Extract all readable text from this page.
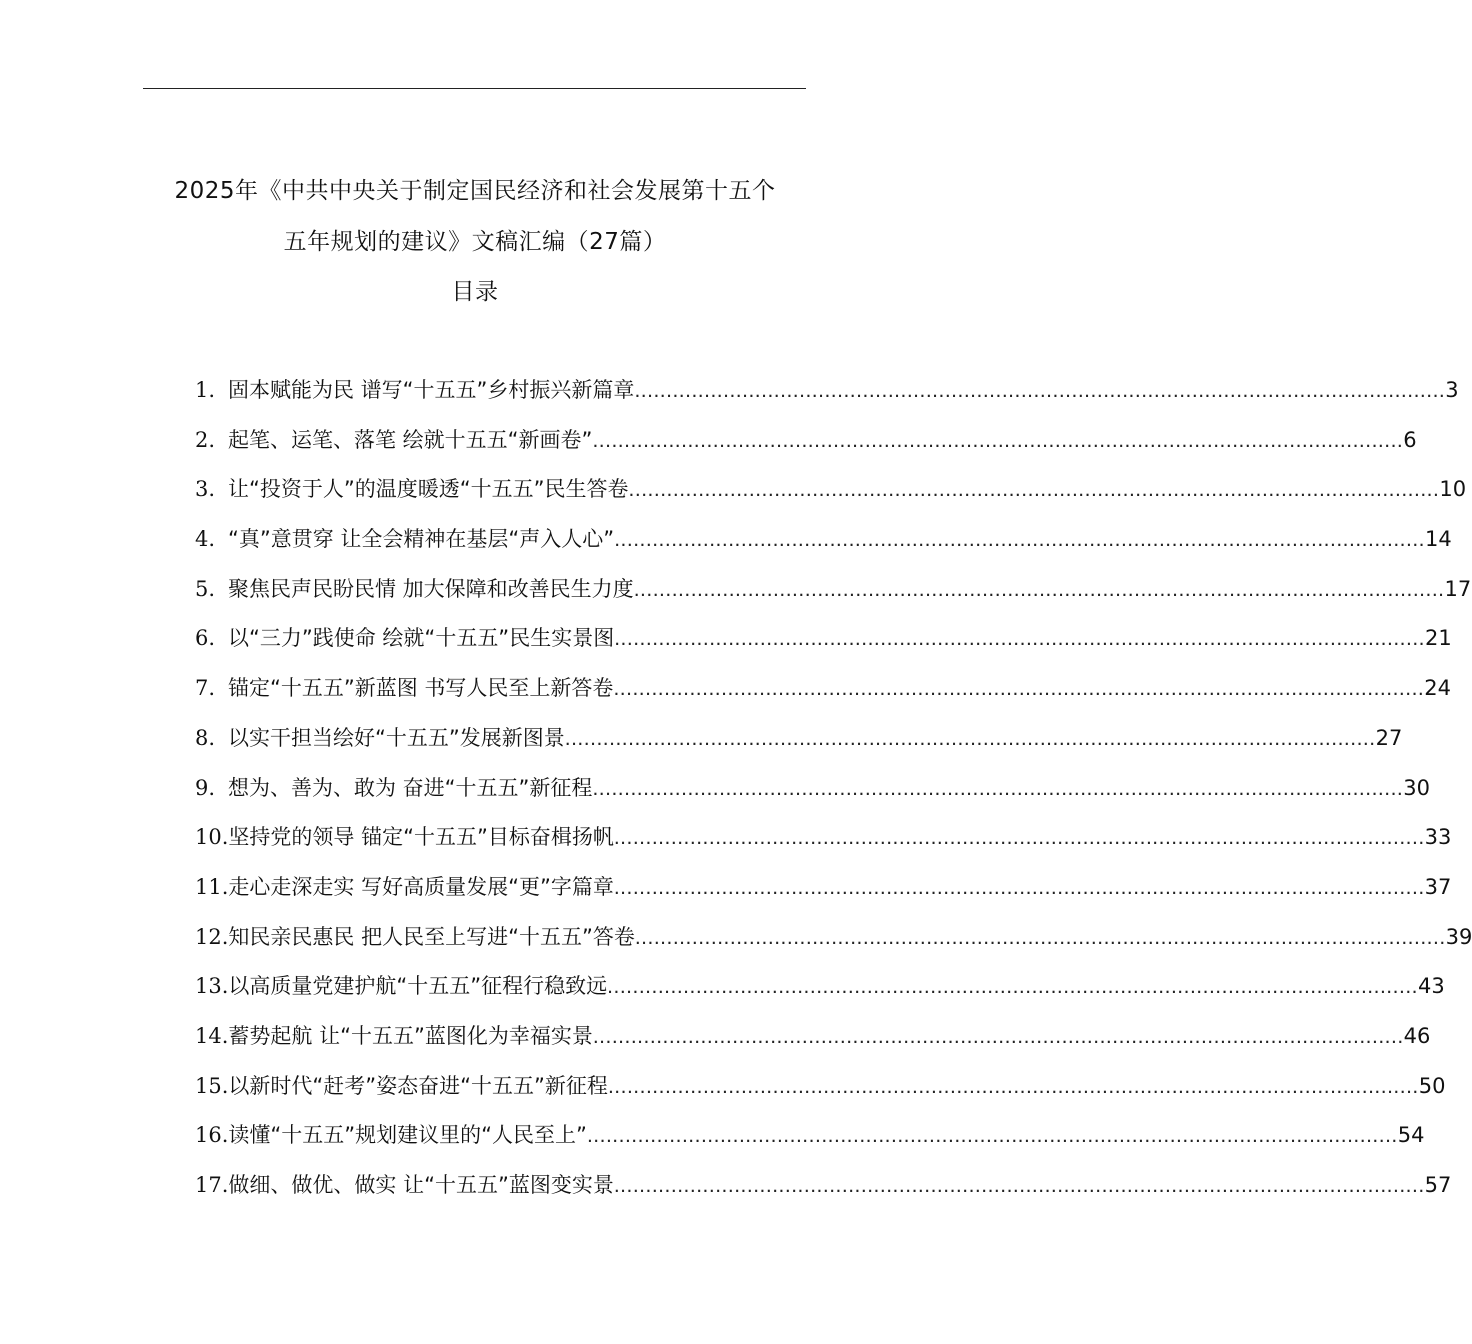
2025年《中共中央关于制定国民经济和社会发展第十五个
五年规划的建议》文稿汇编（27篇）
目录
1. 固本赋能为民 谱写“十五五”乡村振兴新篇章 .....	3
2. 起笔、运笔、落笔 绘就十五五“新画卷” .....	6
3. 让“投资于人”的温度暖透“十五五”民生答卷 .....	10
4. “真”意贯穿 让全会精神在基层“声入人心” .....	14
5. 聚焦民声民盼民情 加大保障和改善民生力度 .....	17
6. 以“三力”践使命 绘就“十五五”民生实景图 .....	21
7. 锚定“十五五”新蓝图 书写人民至上新答卷 .....	24
8. 以实干担当绘好“十五五”发展新图景 .....	27
9. 想为、善为、敢为 奋进“十五五”新征程 .....	30
10. 坚持党的领导 锚定“十五五”目标奋楫扬帆 .....	33
11. 走心走深走实 写好高质量发展“更”字篇章 .....	37
12. 知民亲民惠民 把人民至上写进“十五五”答卷 .....	39
13. 以高质量党建护航“十五五”征程行稳致远 .....	43
14. 蓄势起航 让“十五五”蓝图化为幸福实景 .....	46
15. 以新时代“赶考”姿态奋进“十五五”新征程 .....	50
16. 读懂“十五五”规划建议里的“人民至上” .....	54
17. 做细、做优、做实 让“十五五”蓝图变实景 .....	57
